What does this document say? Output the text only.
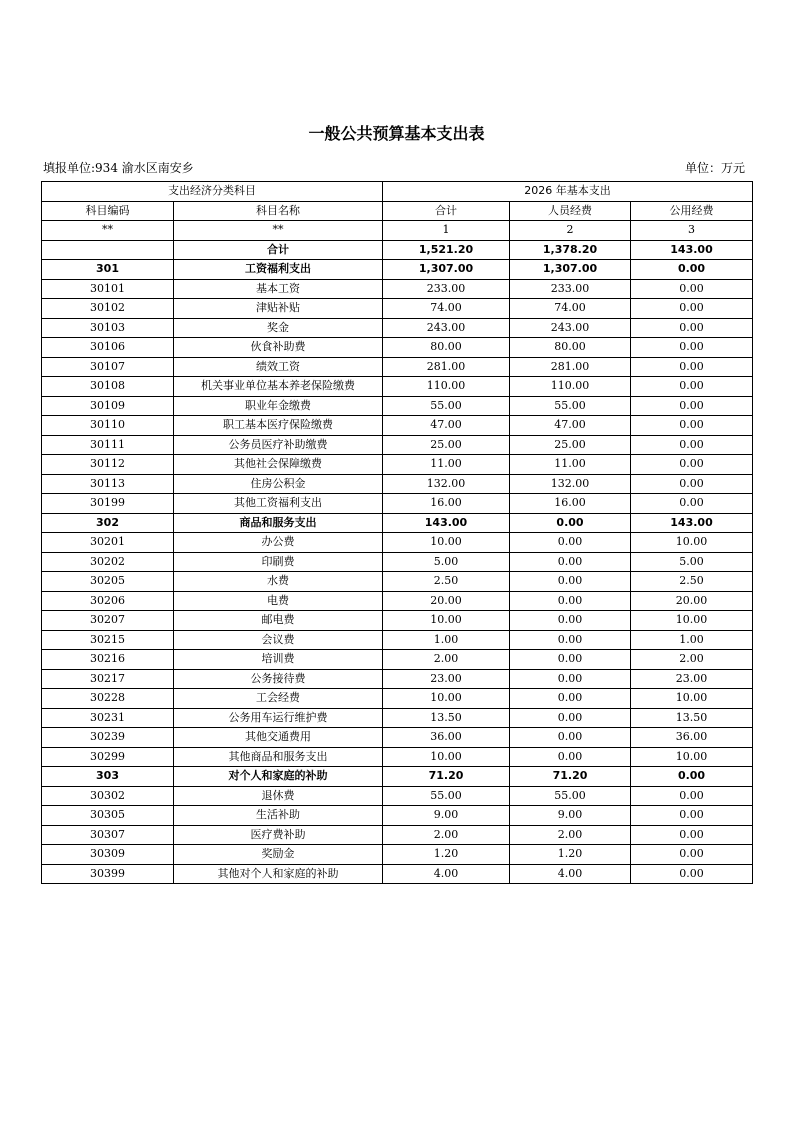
一般公共预算基本支出表
填报单位:934 渝水区南安乡	单位：万元
支出经济分类科目		2026 年基本支出		
科目编码	科目名称	合计	人员经费	公用经费
**	**	1	2	3
	合计	1,521.20	1,378.20	143.00
301	工资福利支出	1,307.00	1,307.00	0.00
30101	基本工资	233.00	233.00	0.00
30102	津贴补贴	74.00	74.00	0.00
30103	奖金	243.00	243.00	0.00
30106	伙食补助费	80.00	80.00	0.00
30107	绩效工资	281.00	281.00	0.00
30108	机关事业单位基本养老保险缴费	110.00	110.00	0.00
30109	职业年金缴费	55.00	55.00	0.00
30110	职工基本医疗保险缴费	47.00	47.00	0.00
30111	公务员医疗补助缴费	25.00	25.00	0.00
30112	其他社会保障缴费	11.00	11.00	0.00
30113	住房公积金	132.00	132.00	0.00
30199	其他工资福利支出	16.00	16.00	0.00
302	商品和服务支出	143.00	0.00	143.00
30201	办公费	10.00	0.00	10.00
30202	印刷费	5.00	0.00	5.00
30205	水费	2.50	0.00	2.50
30206	电费	20.00	0.00	20.00
30207	邮电费	10.00	0.00	10.00
30215	会议费	1.00	0.00	1.00
30216	培训费	2.00	0.00	2.00
30217	公务接待费	23.00	0.00	23.00
30228	工会经费	10.00	0.00	10.00
30231	公务用车运行维护费	13.50	0.00	13.50
30239	其他交通费用	36.00	0.00	36.00
30299	其他商品和服务支出	10.00	0.00	10.00
303	对个人和家庭的补助	71.20	71.20	0.00
30302	退休费	55.00	55.00	0.00
30305	生活补助	9.00	9.00	0.00
30307	医疗费补助	2.00	2.00	0.00
30309	奖励金	1.20	1.20	0.00
30399	其他对个人和家庭的补助	4.00	4.00	0.00
